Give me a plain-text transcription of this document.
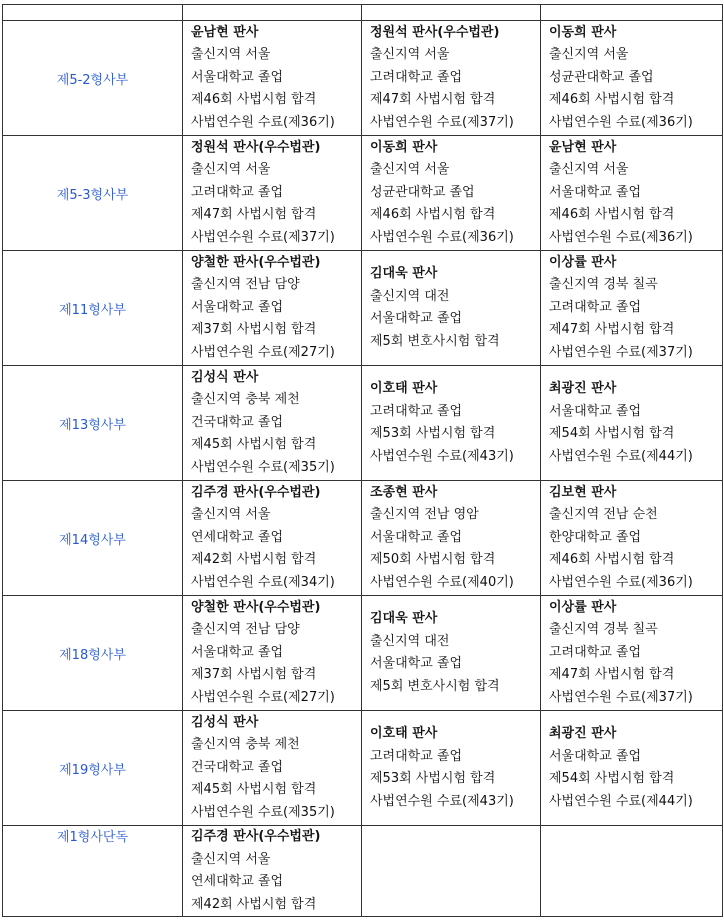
제5-2형사부	윤남현 판사
출신지역 서울
서울대학교 졸업
제46회 사법시험 합격
사법연수원 수료(제36기)	정원석 판사(우수법관)
출신지역 서울
고려대학교 졸업
제47회 사법시험 합격
사법연수원 수료(제37기)	이동희 판사
출신지역 서울
성균관대학교 졸업
제46회 사법시험 합격
사법연수원 수료(제36기)

제5-3형사부	정원석 판사(우수법관)
출신지역 서울
고려대학교 졸업
제47회 사법시험 합격
사법연수원 수료(제37기)	이동희 판사
출신지역 서울
성균관대학교 졸업
제46회 사법시험 합격
사법연수원 수료(제36기)	윤남현 판사
출신지역 서울
서울대학교 졸업
제46회 사법시험 합격
사법연수원 수료(제36기)

제11형사부	양철한 판사(우수법관)
출신지역 전남 담양
서울대학교 졸업
제37회 사법시험 합격
사법연수원 수료(제27기)	김대욱 판사
출신지역 대전
서울대학교 졸업
제5회 변호사시험 합격	이상률 판사
출신지역 경북 칠곡
고려대학교 졸업
제47회 사법시험 합격
사법연수원 수료(제37기)

제13형사부	김성식 판사
출신지역 충북 제천
건국대학교 졸업
제45회 사법시험 합격
사법연수원 수료(제35기)	이호태 판사
고려대학교 졸업
제53회 사법시험 합격
사법연수원 수료(제43기)	최광진 판사
서울대학교 졸업
제54회 사법시험 합격
사법연수원 수료(제44기)

제14형사부	김주경 판사(우수법관)
출신지역 서울
연세대학교 졸업
제42회 사법시험 합격
사법연수원 수료(제34기)	조종현 판사
출신지역 전남 영암
서울대학교 졸업
제50회 사법시험 합격
사법연수원 수료(제40기)	김보현 판사
출신지역 전남 순천
한양대학교 졸업
제46회 사법시험 합격
사법연수원 수료(제36기)

제18형사부	양철한 판사(우수법관)
출신지역 전남 담양
서울대학교 졸업
제37회 사법시험 합격
사법연수원 수료(제27기)	김대욱 판사
출신지역 대전
서울대학교 졸업
제5회 변호사시험 합격	이상률 판사
출신지역 경북 칠곡
고려대학교 졸업
제47회 사법시험 합격
사법연수원 수료(제37기)

제19형사부	김성식 판사
출신지역 충북 제천
건국대학교 졸업
제45회 사법시험 합격
사법연수원 수료(제35기)	이호태 판사
고려대학교 졸업
제53회 사법시험 합격
사법연수원 수료(제43기)	최광진 판사
서울대학교 졸업
제54회 사법시험 합격
사법연수원 수료(제44기)

제1형사단독	김주경 판사(우수법관)
출신지역 서울
연세대학교 졸업
제42회 사법시험 합격		
